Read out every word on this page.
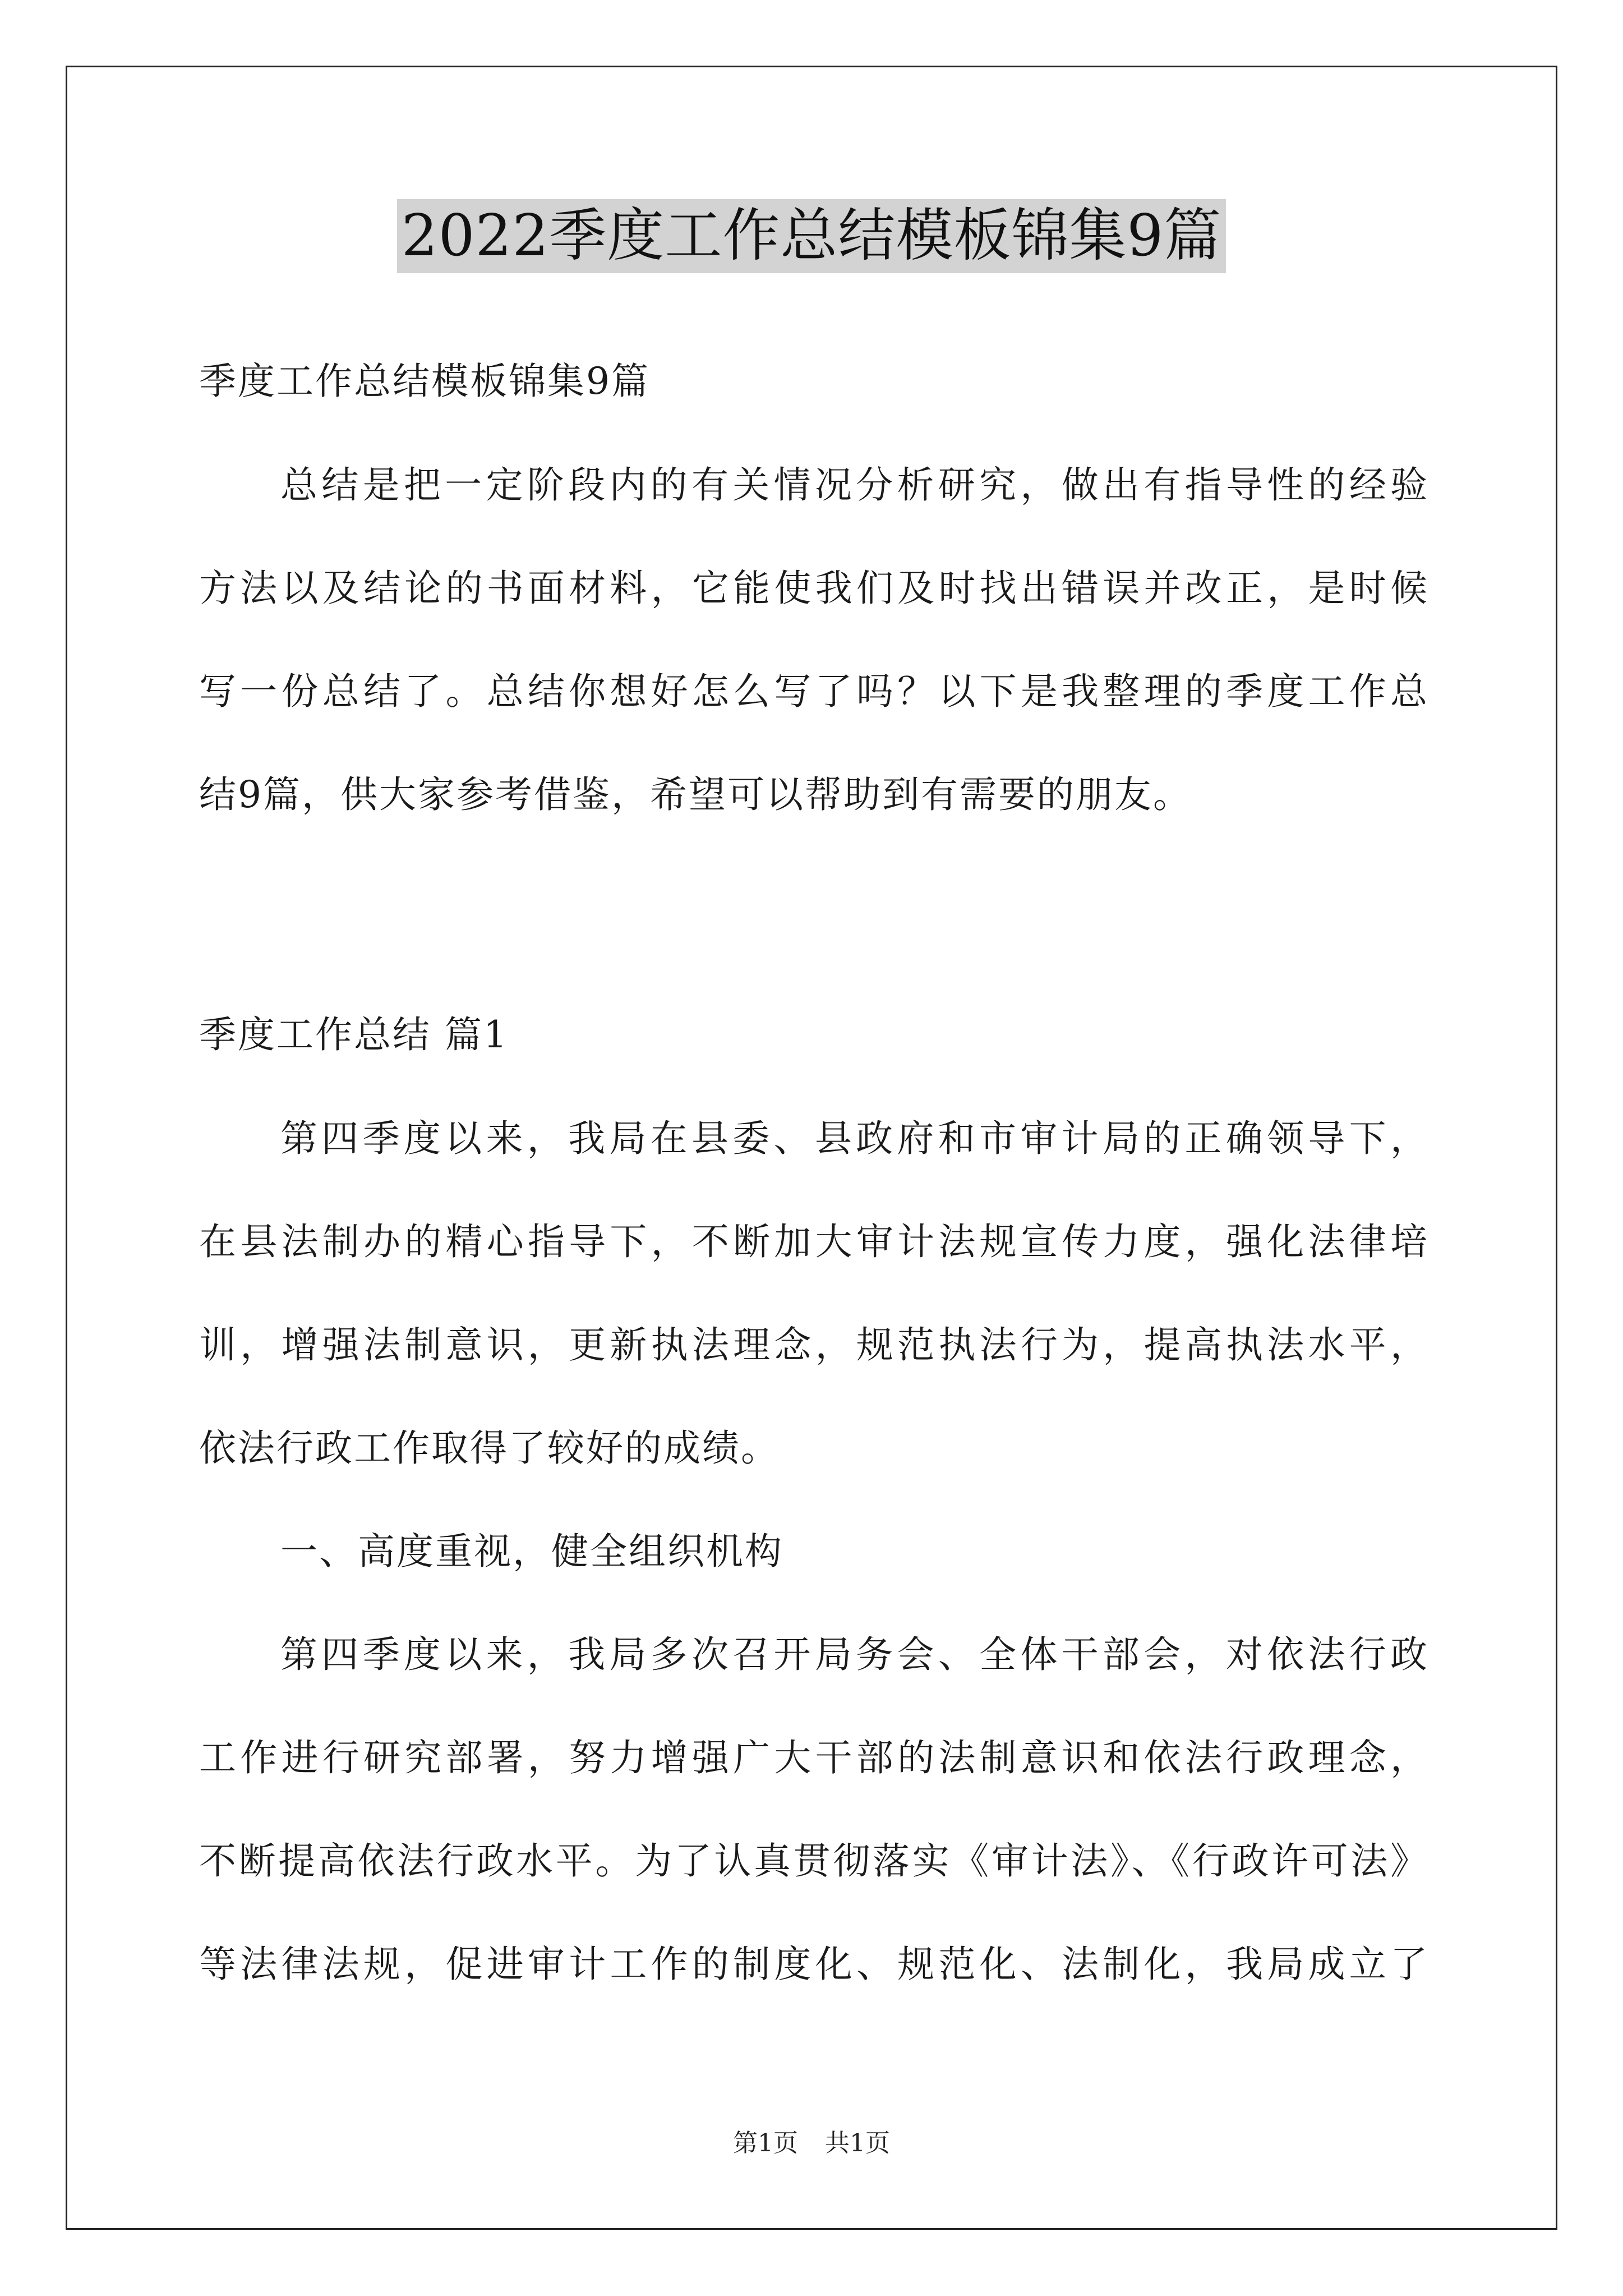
2022季度工作总结模板锦集9篇
季度工作总结模板锦集9篇
总结是把一定阶段内的有关情况分析研究，做出有指导性的经验
方法以及结论的书面材料，它能使我们及时找出错误并改正，是时候
写一份总结了。总结你想好怎么写了吗？以下是我整理的季度工作总
结9篇，供大家参考借鉴，希望可以帮助到有需要的朋友。
季度工作总结 篇1
第四季度以来，我局在县委、县政府和市审计局的正确领导下，
在县法制办的精心指导下，不断加大审计法规宣传力度，强化法律培
训，增强法制意识，更新执法理念，规范执法行为，提高执法水平，
依法行政工作取得了较好的成绩。
一、高度重视，健全组织机构
第四季度以来，我局多次召开局务会、全体干部会，对依法行政
工作进行研究部署，努力增强广大干部的法制意识和依法行政理念，
不断提高依法行政水平。为了认真贯彻落实《审计法》、《行政许可法》
等法律法规，促进审计工作的制度化、规范化、法制化，我局成立了
第1页 共1页
